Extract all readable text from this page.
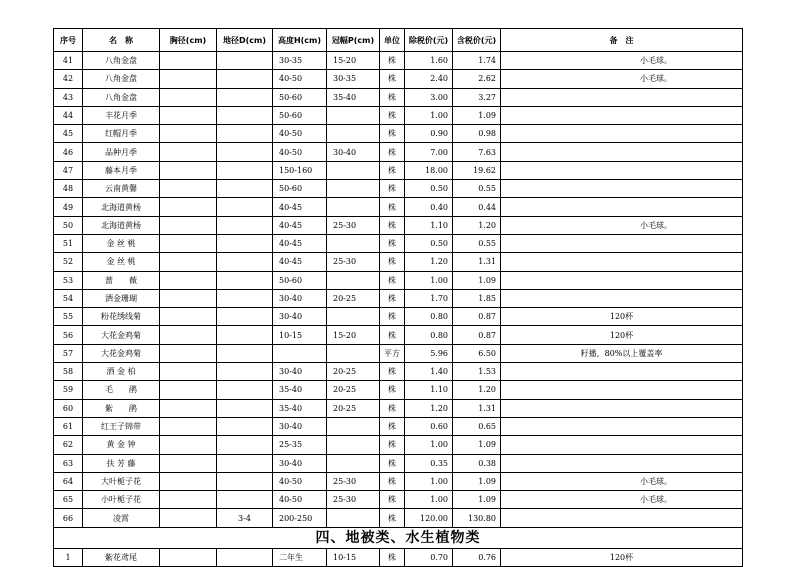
序号	名　称	胸径(cm)	地径D(cm)	高度H(cm)	冠幅P(cm)	单位	除税价(元)	含税价(元)	备　注
41	八角金盘			30-35	15-20	株	1.60	1.74	小毛球。
42	八角金盘			40-50	30-35	株	2.40	2.62	小毛球。
43	八角金盘			50-60	35-40	株	3.00	3.27	
44	丰花月季			50-60		株	1.00	1.09	
45	红帽月季			40-50		株	0.90	0.98	
46	品种月季			40-50	30-40	株	7.00	7.63	
47	藤本月季			150-160		株	18.00	19.62	
48	云南黄馨			50-60		株	0.50	0.55	
49	北海道黄杨			40-45		株	0.40	0.44	
50	北海道黄杨			40-45	25-30	株	1.10	1.20	小毛球。
51	金 丝 桃			40-45		株	0.50	0.55	
52	金 丝 桃			40-45	25-30	株	1.20	1.31	
53	蔷　　薇			50-60		株	1.00	1.09	
54	洒金珊瑚			30-40	20-25	株	1.70	1.85	
55	粉花绣线菊			30-40		株	0.80	0.87	120杯
56	大花金鸡菊			10-15	15-20	株	0.80	0.87	120杯
57	大花金鸡菊					平方	5.96	6.50	籽播，80%以上覆盖率
58	洒 金 柏			30-40	20-25	株	1.40	1.53	
59	毛　　鹃			35-40	20-25	株	1.10	1.20	
60	紫　　鹃			35-40	20-25	株	1.20	1.31	
61	红王子锦带			30-40		株	0.60	0.65	
62	黄 金 钟			25-35		株	1.00	1.09	
63	扶 芳 藤			30-40		株	0.35	0.38	
64	大叶栀子花			40-50	25-30	株	1.00	1.09	小毛球。
65	小叶栀子花			40-50	25-30	株	1.00	1.09	小毛球。
66	凌霄		3-4	200-250		株	120.00	130.80	
四、地被类、水生植物类									
1	紫花鸢尾			二年生	10-15	株	0.70	0.76	120杯
